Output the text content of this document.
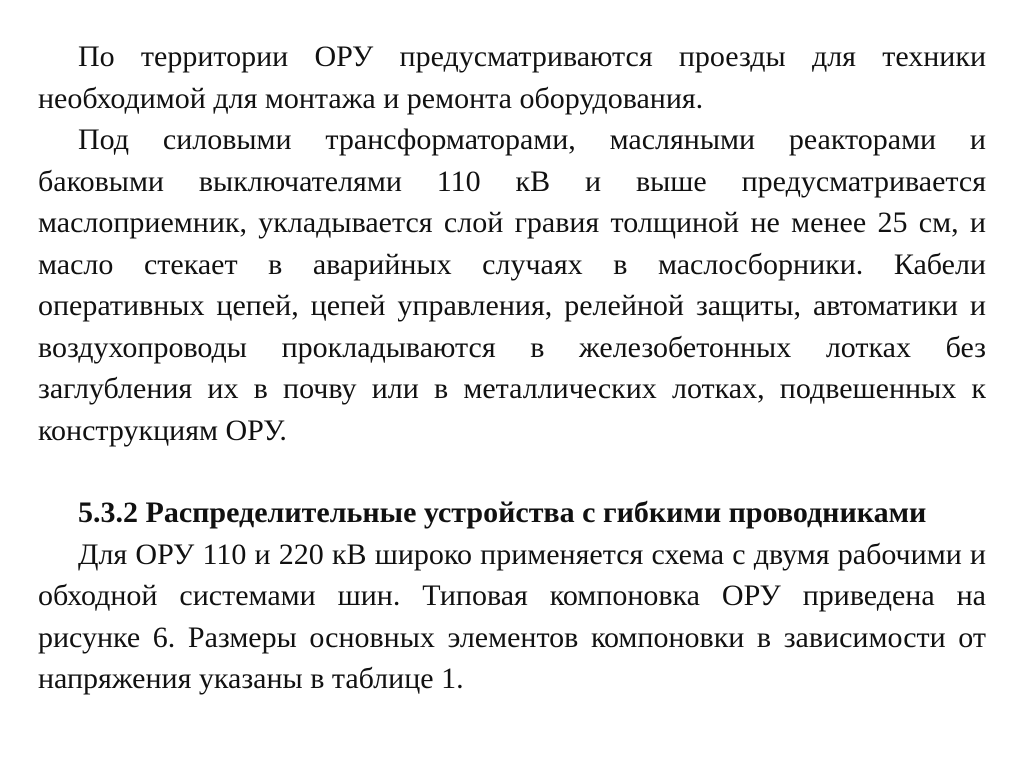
По территории ОРУ предусматриваются проезды для техники необходимой для монтажа и ремонта оборудования.

Под силовыми трансформаторами, масляными реакторами и баковыми выключателями 110 кВ и выше предусматривается маслоприемник, укладывается слой гравия толщиной не менее 25 см, и масло стекает в аварийных случаях в маслосборники. Кабели оперативных цепей, цепей управления, релейной защиты, автоматики и воздухопроводы прокладываются в железобетонных лотках без заглубления их в почву или в металлических лотках, подвешенных к конструкциям ОРУ.

5.3.2 Распределительные устройства с гибкими проводниками

Для ОРУ 110 и 220 кВ широко применяется схема с двумя рабочими и обходной системами шин. Типовая компоновка ОРУ приведена на рисунке 6. Размеры основных элементов компоновки в зависимости от напряжения указаны в таблице 1.
